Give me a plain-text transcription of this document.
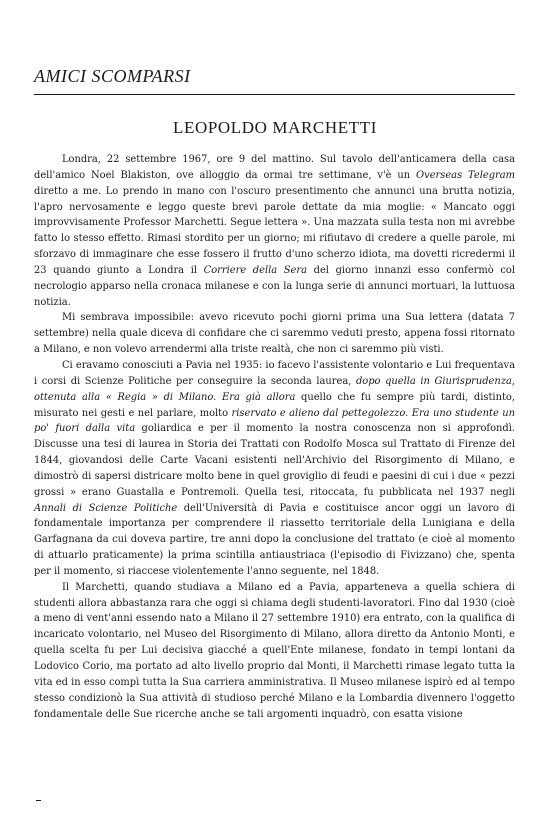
AMICI SCOMPARSI
LEOPOLDO MARCHETTI

Londra, 22 settembre 1967, ore 9 del mattino. Sul tavolo dell'anticamera della casa dell'amico Noel Blakiston, ove alloggio da ormai tre settimane, v'è un Overseas Telegram diretto a me. Lo prendo in mano con l'oscuro presentimento che annunci una brutta notizia, l'apro nervosamente e leggo queste brevi parole dettate da mia moglie: « Mancato oggi improvvisamente Professor Marchetti. Segue lettera ». Una mazzata sulla testa non mi avrebbe fatto lo stesso effetto. Rimasi stordito per un giorno; mi rifiutavo di credere a quelle parole, mi sforzavo di immaginare che esse fossero il frutto d'uno scherzo idiota, ma dovetti ricredermi il 23 quando giunto a Londra il Corriere della Sera del giorno innanzi esso confermò col necrologio apparso nella cronaca milanese e con la lunga serie di annunci mortuari, la luttuosa notizia.

Mi sembrava impossibile: avevo ricevuto pochi giorni prima una Sua lettera (datata 7 settembre) nella quale diceva di confidare che ci saremmo veduti presto, appena fossi ritornato a Milano, e non volevo arrendermi alla triste realtà, che non ci saremmo più visti.

Ci eravamo conosciuti a Pavia nel 1935: io facevo l'assistente volontario e Lui frequentava i corsi di Scienze Politiche per conseguire la seconda laurea, dopo quella in Giurisprudenza, ottenuta alla « Regia » di Milano. Era già allora quello che fu sempre più tardi, distinto, misurato nei gesti e nel parlare, molto riservato e alieno dal pettegolezzo. Era uno studente un po' fuori dalla vita goliardica e per il momento la nostra conoscenza non si approfondì. Discusse una tesi di laurea in Storia dei Trattati con Rodolfo Mosca sul Trattato di Firenze del 1844, giovandosi delle Carte Vacani esistenti nell'Archivio del Risorgimento di Milano, e dimostrò di sapersi districare molto bene in quel groviglio di feudi e paesini di cui i due « pezzi grossi » erano Guastalla e Pontremoli. Quella tesi, ritoccata, fu pubblicata nel 1937 negli Annali di Scienze Politiche dell'Università di Pavia e costituisce ancor oggi un lavoro di fondamentale importanza per comprendere il riassetto territoriale della Lunigiana e della Garfagnana da cui doveva partire, tre anni dopo la conclusione del trattato (e cioè al momento di attuarlo praticamente) la prima scintilla antiaustriaca (l'episodio di Fivizzano) che, spenta per il momento, si riaccese violentemente l'anno seguente, nel 1848.

Il Marchetti, quando studiava a Milano ed a Pavia, apparteneva a quella schiera di studenti allora abbastanza rara che oggi si chiama degli studenti-lavoratori. Fino dal 1930 (cioè a meno di vent'anni essendo nato a Milano il 27 settembre 1910) era entrato, con la qualifica di incaricato volontario, nel Museo del Risorgimento di Milano, allora diretto da Antonio Monti, e quella scelta fu per Lui decisiva giacché a quell'Ente milanese, fondato in tempi lontani da Lodovico Corio, ma portato ad alto livello proprio dal Monti, il Marchetti rimase legato tutta la vita ed in esso compì tutta la Sua carriera amministrativa. Il Museo milanese ispirò ed al tempo stesso condizionò la Sua attività di studioso perché Milano e la Lombardia divennero l'oggetto fondamentale delle Sue ricerche anche se tali argomenti inquadrò, con esatta visione
